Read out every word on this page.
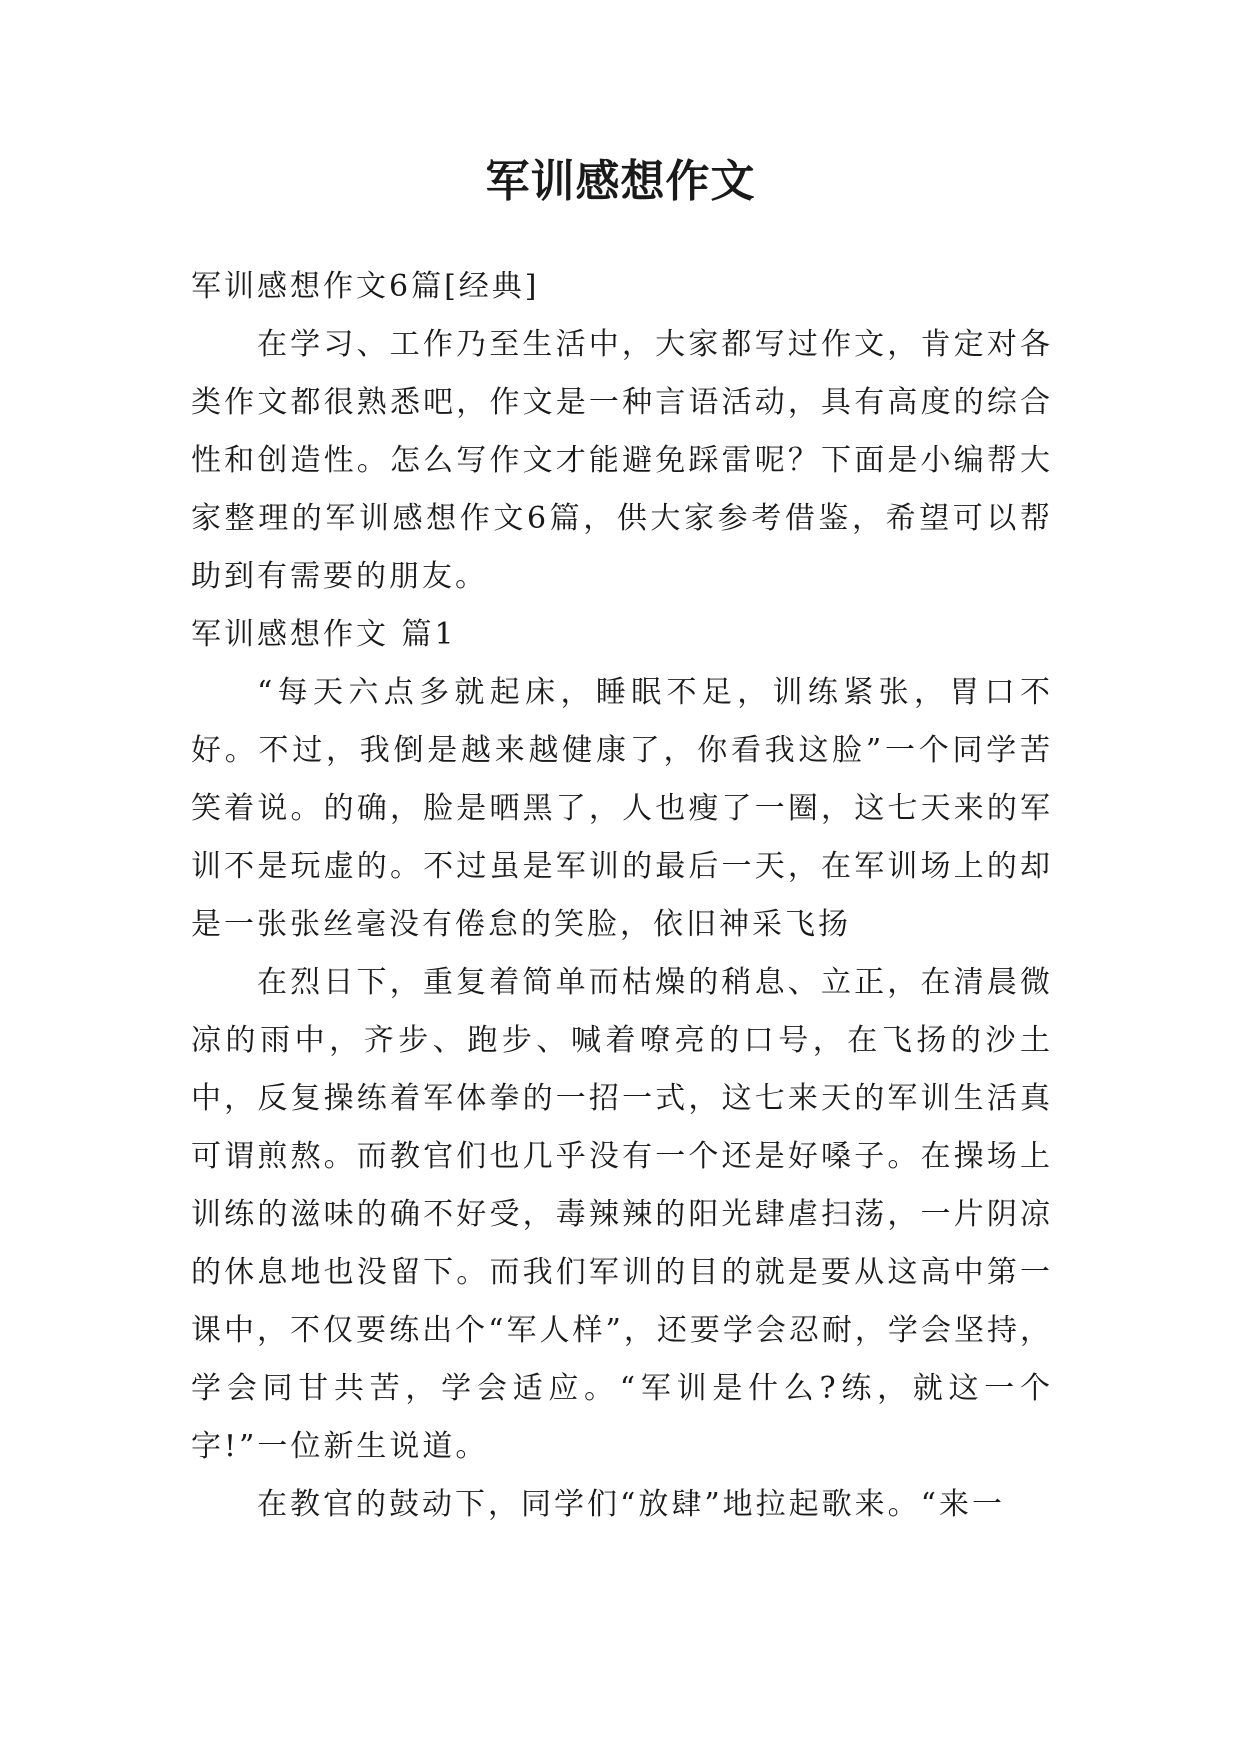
军训感想作文

军训感想作文6篇[经典]

在学习、工作乃至生活中，大家都写过作文，肯定对各类作文都很熟悉吧，作文是一种言语活动，具有高度的综合性和创造性。怎么写作文才能避免踩雷呢？下面是小编帮大家整理的军训感想作文6篇，供大家参考借鉴，希望可以帮助到有需要的朋友。

军训感想作文 篇1

“每天六点多就起床，睡眠不足，训练紧张，胃口不好。不过，我倒是越来越健康了，你看我这脸”一个同学苦笑着说。的确，脸是晒黑了，人也瘦了一圈，这七天来的军训不是玩虚的。不过虽是军训的最后一天，在军训场上的却是一张张丝毫没有倦怠的笑脸，依旧神采飞扬

在烈日下，重复着简单而枯燥的稍息、立正，在清晨微凉的雨中，齐步、跑步、喊着嘹亮的口号，在飞扬的沙土中，反复操练着军体拳的一招一式，这七来天的军训生活真可谓煎熬。而教官们也几乎没有一个还是好嗓子。在操场上训练的滋味的确不好受，毒辣辣的阳光肆虐扫荡，一片阴凉的休息地也没留下。而我们军训的目的就是要从这高中第一课中，不仅要练出个“军人样”，还要学会忍耐，学会坚持，学会同甘共苦，学会适应。“军训是什么?练，就这一个字!”一位新生说道。

在教官的鼓动下，同学们“放肆”地拉起歌来。“来一
